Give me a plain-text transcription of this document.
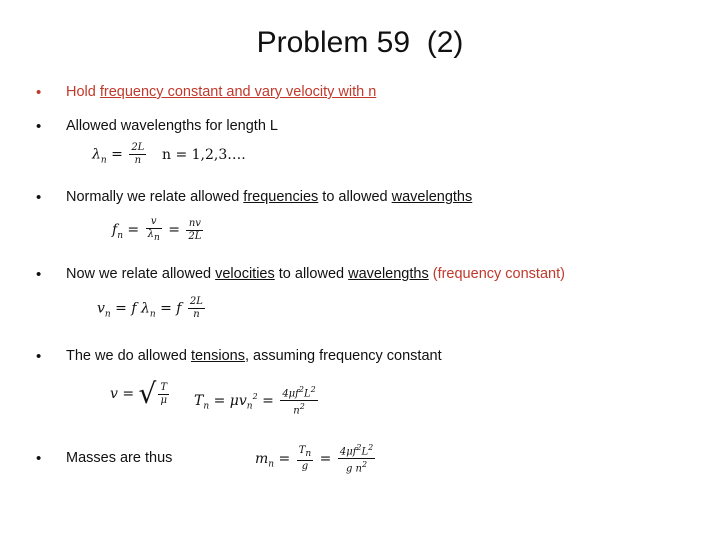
Problem 59  (2)
• Hold frequency constant and vary velocity with n
• Allowed wavelengths for length L
$\lambda_n = \frac{2L}{n}$ n = 1,2,3….
• Normally we relate allowed frequencies to allowed wavelengths
$f_n = \frac{v}{\lambda_n} = \frac{nv}{2L}$
• Now we relate allowed velocities to allowed wavelengths (frequency constant)
$v_n = f$ $\lambda_n = f \frac{2L}{n}$
• The we do allowed tensions, assuming frequency constant
v = √ $\frac{T}{\mu} T_n = \mu v_n^2 = \frac{4\mu f^2L^2}{n^2}$
• Masses are thus	$m_n = \frac{T_n}{g} = \frac{4\mu f^2L^2}{g n^2}$
